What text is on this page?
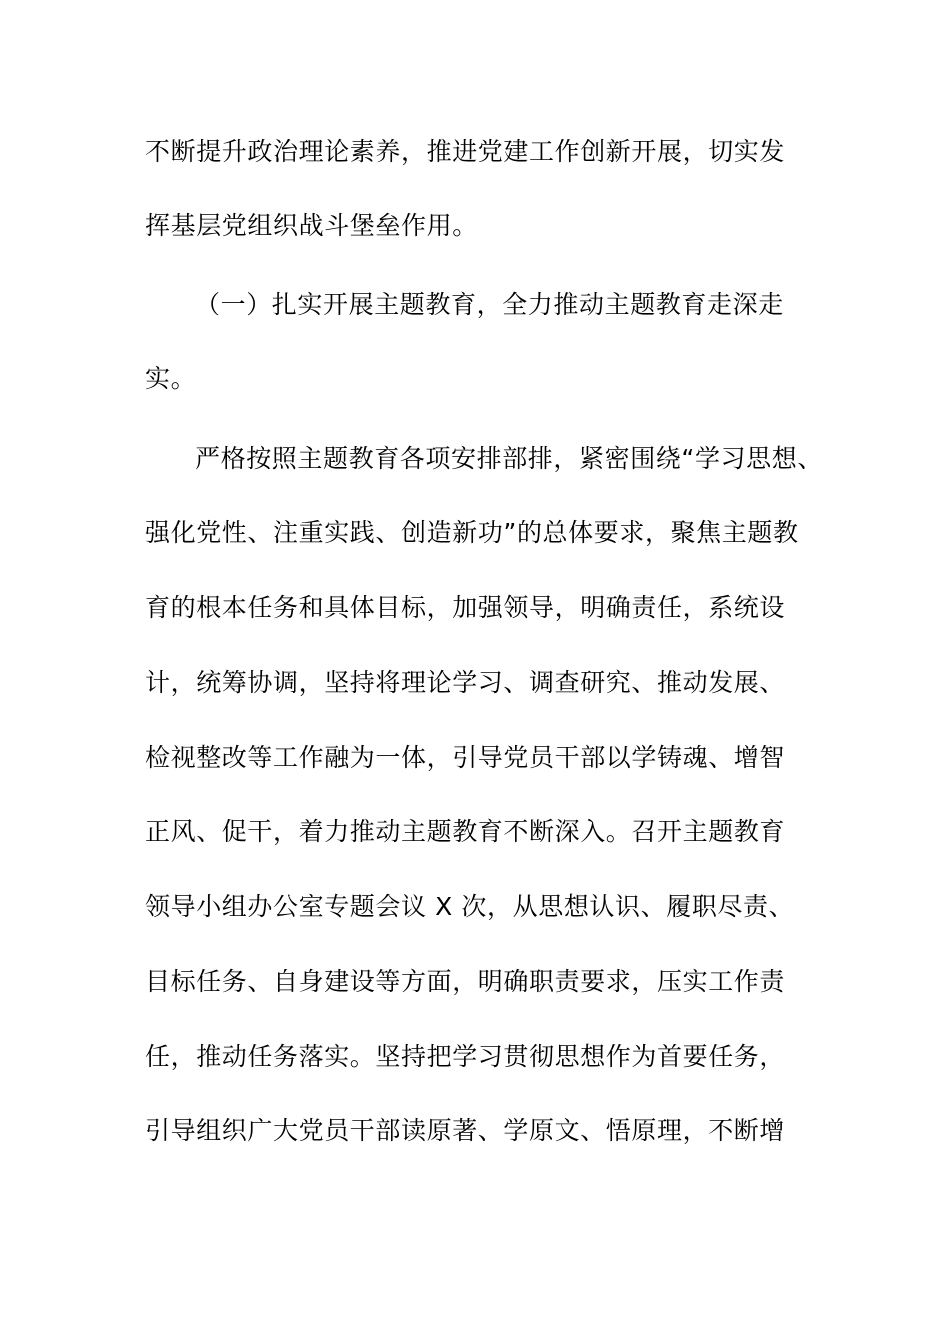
不断提升政治理论素养，推进党建工作创新开展，切实发
挥基层党组织战斗堡垒作用。
（一）扎实开展主题教育，全力推动主题教育走深走
实。
严格按照主题教育各项安排部排，紧密围绕“学习思想、
强化党性、注重实践、创造新功”的总体要求，聚焦主题教
育的根本任务和具体目标，加强领导，明确责任，系统设
计，统筹协调，坚持将理论学习、调查研究、推动发展、
检视整改等工作融为一体，引导党员干部以学铸魂、增智
正风、促干，着力推动主题教育不断深入。召开主题教育
领导小组办公室专题会议 X 次，从思想认识、履职尽责、
目标任务、自身建设等方面，明确职责要求，压实工作责
任，推动任务落实。坚持把学习贯彻思想作为首要任务，
引导组织广大党员干部读原著、学原文、悟原理，不断增
